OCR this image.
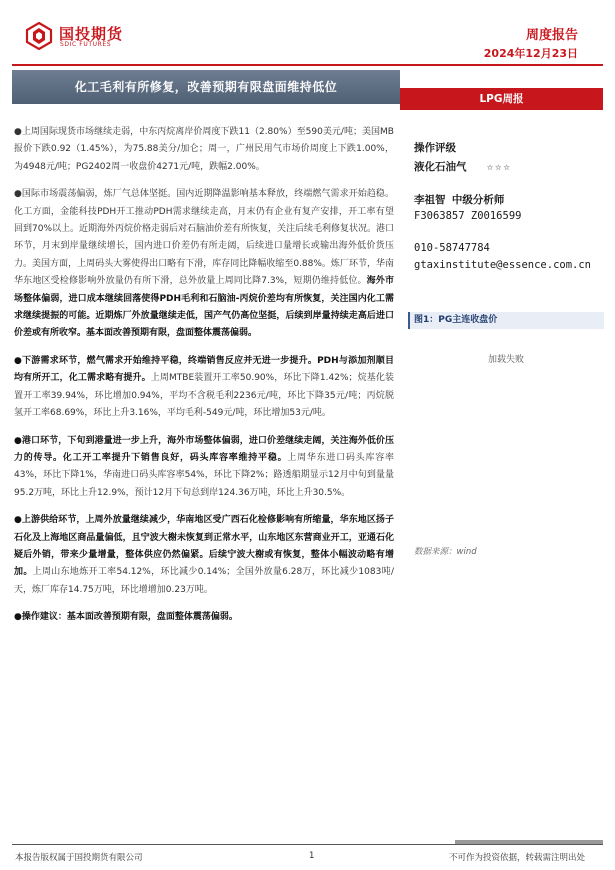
国投期货
SDIC FUTURES
周度报告
2024年12月23日
化工毛利有所修复，改善预期有限盘面维持低位
LPG周报

●上周国际现货市场继续走弱，中东丙烷离岸价周度下跌11（2.80%）至590美元/吨；美国MB报价下跌0.92（1.45%），为75.88美分/加仑；周一，广州民用气市场价周度上下跌1.00%，为4948元/吨；PG2402周一收盘价4271元/吨，跌幅2.00%。

●国际市场震荡偏弱，炼厂气总体坚挺。国内近期降温影响基本释放，终端燃气需求开始趋稳。化工方面，金能科技PDH开工推动PDH需求继续走高，月末仍有企业有复产安排，开工率有望回到70%以上。近期海外丙烷价格走弱后对石脑油价差有所恢复，关注后续毛利修复状况。港口环节，月末到岸量继续增长，国内进口价差仍有所走阔，后续进口量增长或输出海外低价货压力。美国方面，上周码头大雾使得出口略有下滑，库存同比降幅收缩至0.88%。炼厂环节，华南华东地区受检修影响外放量仍有所下滑，总外放量上周同比降7.3%，短期仍维持低位。海外市场整体偏弱，进口成本继续回落使得PDH毛利和石脑油-丙烷价差均有所恢复，关注国内化工需求继续提振的可能。近期炼厂外放量继续走低，国产气仍高位坚挺，后续到岸量持续走高后进口价差或有所收窄。基本面改善预期有限，盘面整体震荡偏弱。

●下游需求环节，燃气需求开始维持平稳，终端销售反应并无进一步提升。PDH与添加剂顺目均有所开工，化工需求略有提升。上周MTBE装置开工率50.90%，环比下降1.42%；烷基化装置开工率39.94%，环比增加0.94%，平均不含税毛利2236元/吨，环比下降35元/吨；丙烷脱氢开工率68.69%，环比上升3.16%，平均毛利-549元/吨，环比增加53元/吨。

●港口环节，下旬到港量进一步上升，海外市场整体偏弱，进口价差继续走阔，关注海外低价压力的传导。化工开工率提升下销售良好，码头库容率维持平稳。上周华东进口码头库容率43%，环比下降1%，华南进口码头库容率54%，环比下降2%；路透船期显示12月中旬到量量95.2万吨，环比上升12.9%，预计12月下旬总到岸124.36万吨，环比上升30.5%。

●上游供给环节，上周外放量继续减少，华南地区受广西石化检修影响有所缩量，华东地区扬子石化及上海地区商品量偏低，且宁波大榭未恢复到正常水平，山东地区东营商业开工，亚通石化疑后外销，带来少量增量，整体供应仍然偏紧。后续宁波大榭或有恢复，整体小幅波动略有增加。上周山东地炼开工率54.12%，环比减少0.14%；全国外放量6.28万，环比减少1083吨/天，炼厂库存14.75万吨，环比增增加0.23万吨。

●操作建议：基本面改善预期有限，盘面整体震荡偏弱。

操作评级
液化石油气 ☆☆☆
李祖智 中级分析师
F3063857 Z0016599
010-58747784
gtaxinstitute@essence.com.cn
图1：PG主连收盘价
加载失败
数据来源：wind
本报告版权属于国投期货有限公司	1	不可作为投资依据，转载需注明出处
